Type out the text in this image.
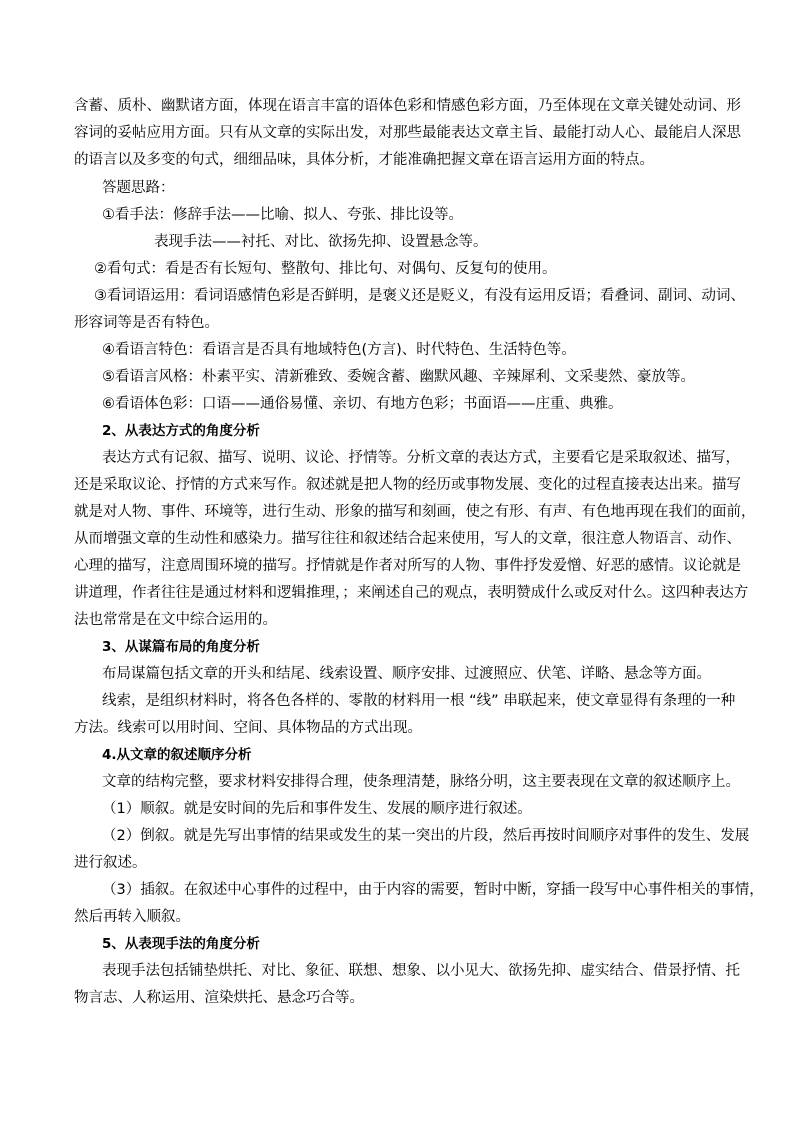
含蓄、质朴、幽默诸方面，体现在语言丰富的语体色彩和情感色彩方面，乃至体现在文章关键处动词、形
容词的妥帖应用方面。只有从文章的实际出发，对那些最能表达文章主旨、最能打动人心、最能启人深思
的语言以及多变的句式，细细品味，具体分析，才能准确把握文章在语言运用方面的特点。
答题思路：
①看手法：修辞手法——比喻、拟人、夸张、排比设等。
表现手法——衬托、对比、欲扬先抑、设置悬念等。
②看句式：看是否有长短句、整散句、排比句、对偶句、反复句的使用。
③看词语运用：看词语感情色彩是否鲜明，是褒义还是贬义，有没有运用反语；看叠词、副词、动词、
形容词等是否有特色。
④看语言特色：看语言是否具有地域特色(方言)、时代特色、生活特色等。
⑤看语言风格：朴素平实、清新雅致、委婉含蓄、幽默风趣、辛辣犀利、文采斐然、豪放等。
⑥看语体色彩：口语——通俗易懂、亲切、有地方色彩；书面语——庄重、典雅。
2、从表达方式的角度分析
表达方式有记叙、描写、说明、议论、抒情等。分析文章的表达方式，主要看它是采取叙述、描写，
还是采取议论、抒情的方式来写作。叙述就是把人物的经历或事物发展、变化的过程直接表达出来。描写
就是对人物、事件、环境等，进行生动、形象的描写和刻画，使之有形、有声、有色地再现在我们的面前，
从而增强文章的生动性和感染力。描写往往和叙述结合起来使用，写人的文章，很注意人物语言、动作、
心理的描写，注意周围环境的描写。抒情就是作者对所写的人物、事件抒发爱憎、好恶的感情。议论就是
讲道理，作者往往是通过材料和逻辑推理，；来阐述自己的观点，表明赞成什么或反对什么。这四种表达方
法也常常是在文中综合运用的。
3、从谋篇布局的角度分析
布局谋篇包括文章的开头和结尾、线索设置、顺序安排、过渡照应、伏笔、详略、悬念等方面。
线索，是组织材料时，将各色各样的、零散的材料用一根 “线” 串联起来，使文章显得有条理的一种
方法。线索可以用时间、空间、具体物品的方式出现。
4.从文章的叙述顺序分析
文章的结构完整，要求材料安排得合理，使条理清楚，脉络分明，这主要表现在文章的叙述顺序上。
（1）顺叙。就是安时间的先后和事件发生、发展的顺序进行叙述。
（2）倒叙。就是先写出事情的结果或发生的某一突出的片段，然后再按时间顺序对事件的发生、发展
进行叙述。
（3）插叙。在叙述中心事件的过程中，由于内容的需要，暂时中断，穿插一段写中心事件相关的事情，
然后再转入顺叙。
5、从表现手法的角度分析
表现手法包括铺垫烘托、对比、象征、联想、想象、以小见大、欲扬先抑、虚实结合、借景抒情、托
物言志、人称运用、渲染烘托、悬念巧合等。
